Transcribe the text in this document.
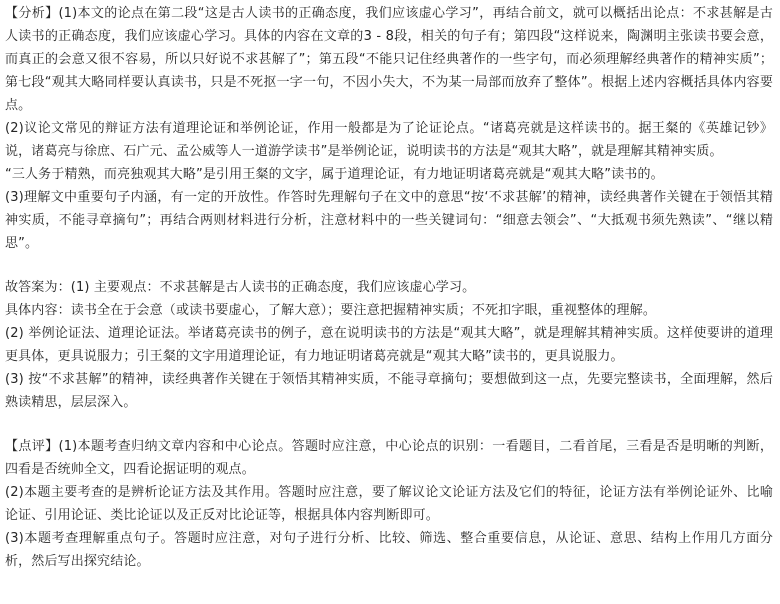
【分析】(1)本文的论点在第二段“这是古人读书的正确态度，我们应该虚心学习”，再结合前文，就可以概括出论点：不求甚解是古人读书的正确态度，我们应该虚心学习。具体的内容在文章的3 - 8段，相关的句子有；第四段“这样说来，陶渊明主张读书要会意，而真正的会意又很不容易，所以只好说不求甚解了”；第五段“不能只记住经典著作的一些字句，而必须理解经典著作的精神实质”；第七段“观其大略同样要认真读书，只是不死抠一字一句，不因小失大，不为某一局部而放弃了整体”。根据上述内容概括具体内容要点。

(2)议论文常见的辩证方法有道理论证和举例论证，作用一般都是为了论证论点。“诸葛亮就是这样读书的。据王粲的《英雄记钞》说，诸葛亮与徐庶、石广元、孟公威等人一道游学读书”是举例论证，说明读书的方法是“观其大略”，就是理解其精神实质。

“三人务于精熟，而亮独观其大略”是引用王粲的文字，属于道理论证，有力地证明诸葛亮就是“观其大略”读书的。

(3)理解文中重要句子内涵，有一定的开放性。作答时先理解句子在文中的意思“按‘不求甚解’的精神，读经典著作关键在于领悟其精神实质，不能寻章摘句”；再结合两则材料进行分析，注意材料中的一些关键词句：“细意去领会”、“大抵观书须先熟读”、“继以精思”。

故答案为：(1) 主要观点：不求甚解是古人读书的正确态度，我们应该虚心学习。

具体内容：读书全在于会意（或读书要虚心，了解大意）；要注意把握精神实质；不死扣字眼，重视整体的理解。

(2) 举例论证法、道理论证法。举诸葛亮读书的例子，意在说明读书的方法是“观其大略”，就是理解其精神实质。这样使要讲的道理更具体，更具说服力；引王粲的文字用道理论证，有力地证明诸葛亮就是“观其大略”读书的，更具说服力。

(3) 按“不求甚解”的精神，读经典著作关键在于领悟其精神实质，不能寻章摘句；要想做到这一点，先要完整读书，全面理解，然后熟读精思，层层深入。

【点评】(1)本题考查归纳文章内容和中心论点。答题时应注意，中心论点的识别：一看题目，二看首尾，三看是否是明晰的判断，四看是否统帅全文，四看论据证明的观点。

(2)本题主要考查的是辨析论证方法及其作用。答题时应注意，要了解议论文论证方法及它们的特征，论证方法有举例论证外、比喻论证、引用论证、类比论证以及正反对比论证等，根据具体内容判断即可。

(3)本题考查理解重点句子。答题时应注意，对句子进行分析、比较、筛选、整合重要信息，从论证、意思、结构上作用几方面分析，然后写出探究结论。
